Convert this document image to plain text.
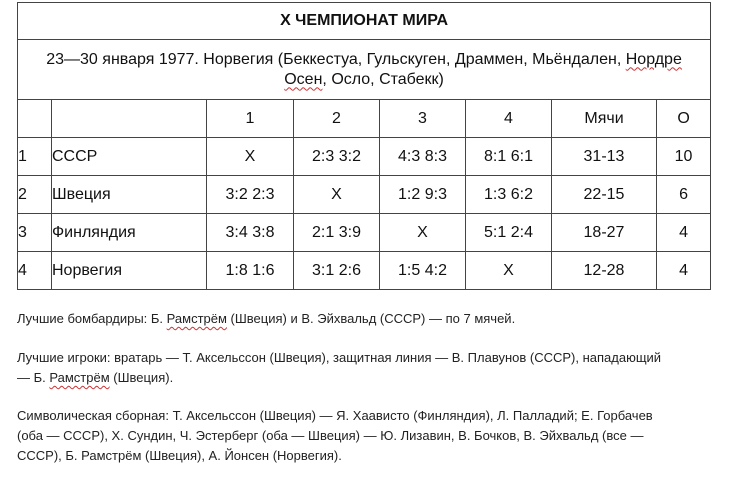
X ЧЕМПИОНАТ МИРА							
23—30 января 1977. Норвегия (Беккестуа, Гульскуген, Драммен, Мьёндален, Нордре
Осен, Осло, Стабекк)							
		1	2	3	4	Мячи	О
1	СССР	X	2:3 3:2	4:3 8:3	8:1 6:1	31-13	10
2	Швеция	3:2 2:3	X	1:2 9:3	1:3 6:2	22-15	6
3	Финляндия	3:4 3:8	2:1 3:9	X	5:1 2:4	18-27	4
4	Норвегия	1:8 1:6	3:1 2:6	1:5 4:2	X	12-28	4

Лучшие бомбардиры: Б. Рамстрём (Швеция) и В. Эйхвальд (СССР) — по 7 мячей.

Лучшие игроки: вратарь — Т. Аксельссон (Швеция), защитная линия — В. Плавунов (СССР), нападающий

— Б. Рамстрём (Швеция).

Символическая сборная: Т. Аксельссон (Швеция) — Я. Хаависто (Финляндия), Л. Палладий; Е. Горбачев

(оба — СССР), Х. Сундин, Ч. Эстерберг (оба — Швеция) — Ю. Лизавин, В. Бочков, В. Эйхвальд (все —

СССР), Б. Рамстрём (Швеция), А. Йонсен (Норвегия).
